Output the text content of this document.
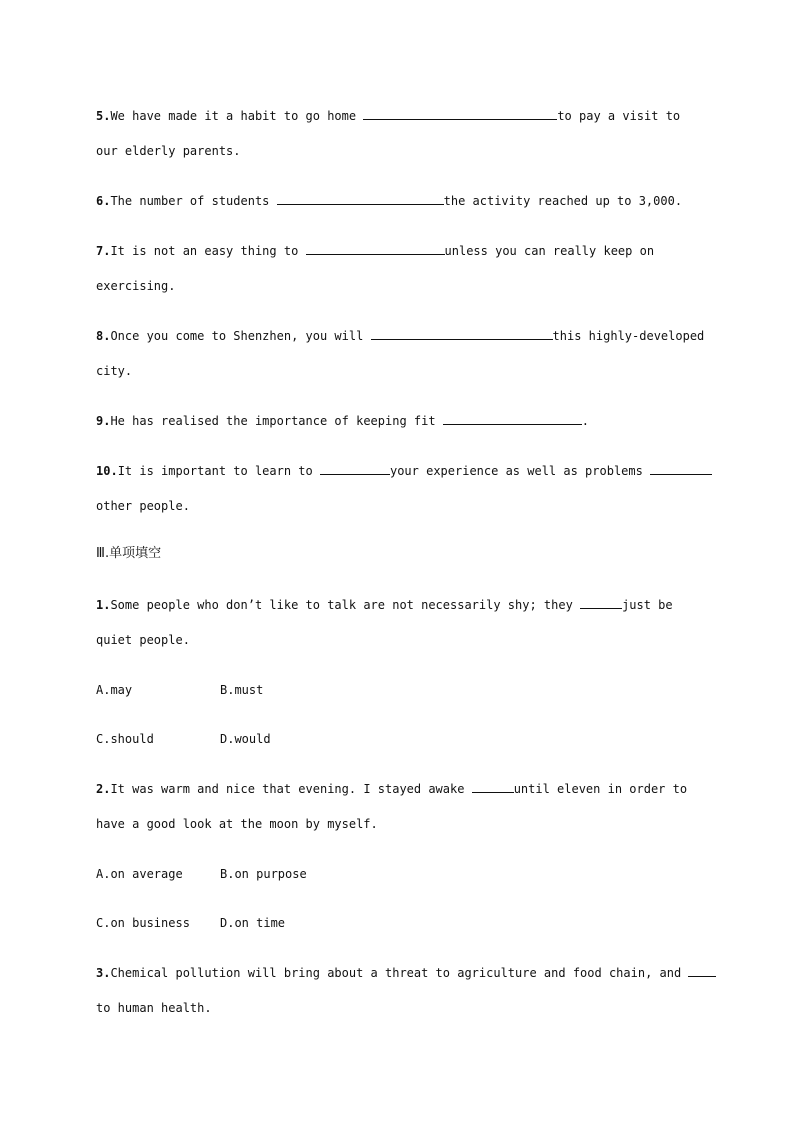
5.We have made it a habit to go home	to pay a visit to
our elderly parents.
6.The number of students	the activity reached up to 3,000.
7.It is not an easy thing to	unless you can really keep on
exercising.
8.Once you come to Shenzhen, you will	this highly-developed
city.
9.He has realised the importance of keeping fit	.
10.It is important to learn to	your experience as well as problems
other people.
Ⅲ.单项填空
1.Some people who don’t like to talk are not necessarily shy; they	just be
quiet people.
A.may	B.must
C.should	D.would
2.It was warm and nice that evening. I stayed awake	until eleven in order to
have a good look at the moon by myself.
A.on average	B.on purpose
C.on business	D.on time
3.Chemical pollution will bring about a threat to agriculture and food chain, and
to human health.
